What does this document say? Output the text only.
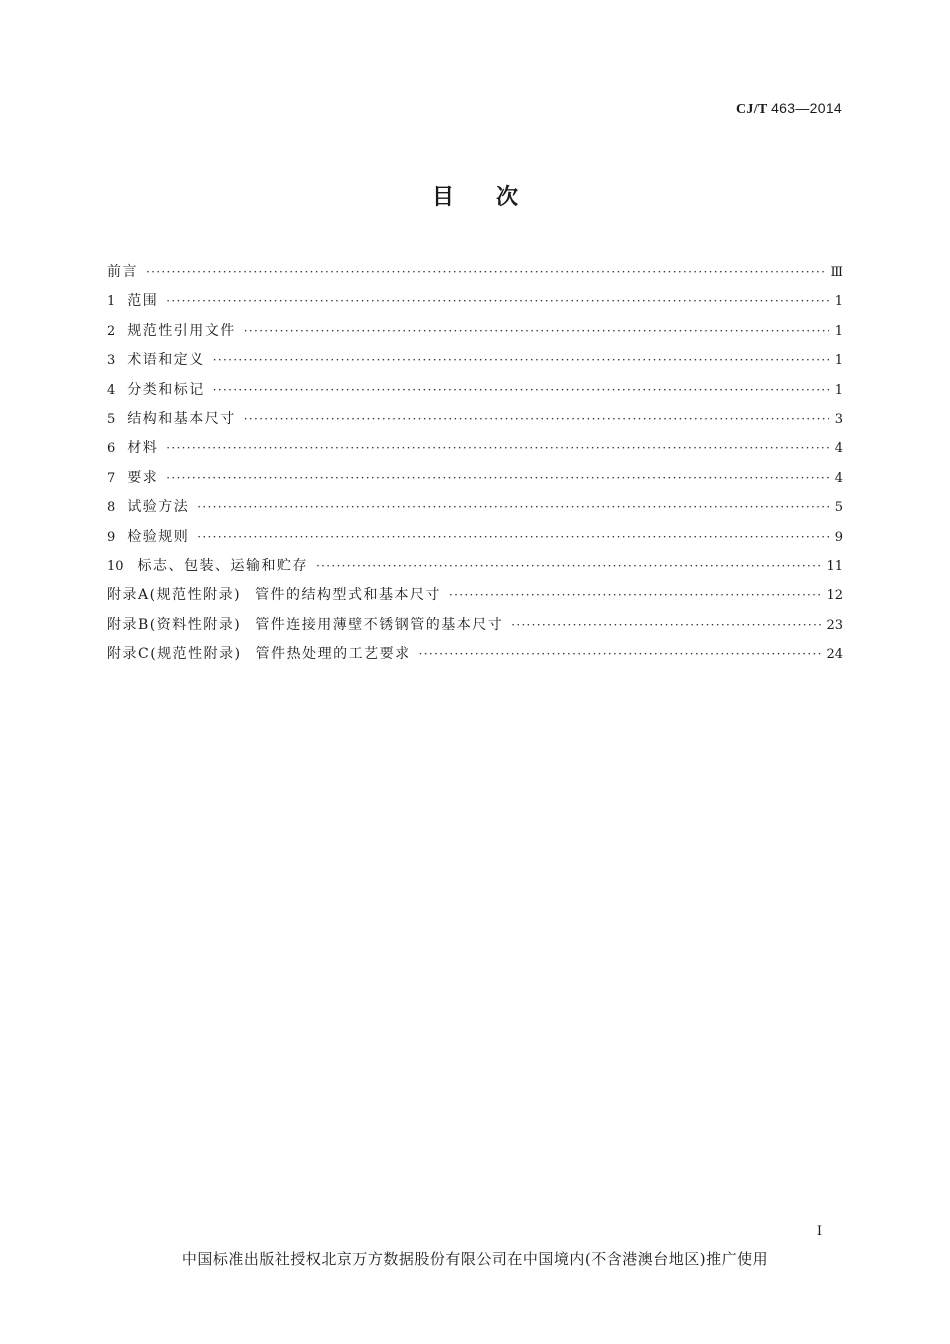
CJ/T 463—2014
目次
前言 ·····	Ⅲ
1 范围 ·····	1
2 规范性引用文件 ·····	1
3 术语和定义 ·····	1
4 分类和标记 ·····	1
5 结构和基本尺寸 ·····	3
6 材料 ·····	4
7 要求 ·····	4
8 试验方法 ·····	5
9 检验规则 ·····	9
10 标志、包装、运输和贮存 ·····	11
附录A(规范性附录) 管件的结构型式和基本尺寸 ·····	12
附录B(资料性附录) 管件连接用薄壁不锈钢管的基本尺寸 ·····	23
附录C(规范性附录) 管件热处理的工艺要求 ·····	24
I
中国标准出版社授权北京万方数据股份有限公司在中国境内(不含港澳台地区)推广使用
